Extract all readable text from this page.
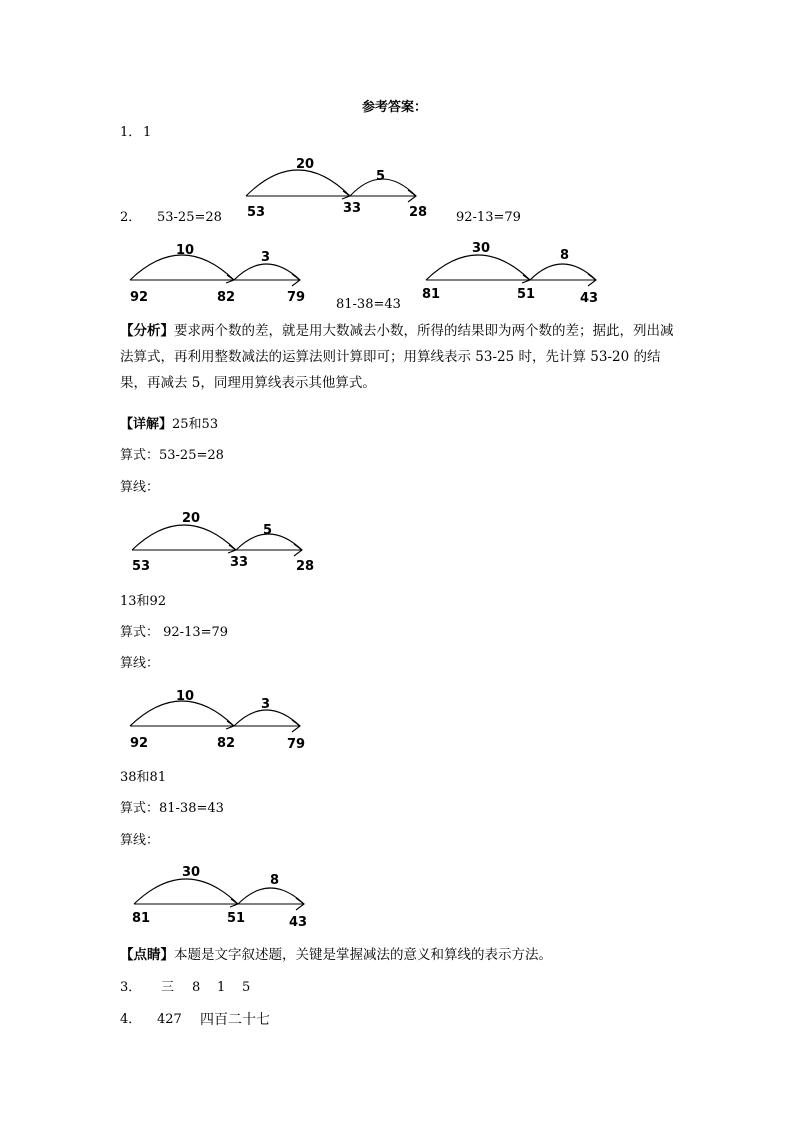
参考答案：
1． 1
2． 53-25=28	92-13=79
81-38=43
20
5
53	33	28
10	3
92	82	79
30	8
81	51	43
【分析】要求两个数的差，就是用大数减去小数，所得的结果即为两个数的差；据此，列出减法算式，再利用整数减法的运算法则计算即可；用算线表示 53-25 时，先计算 53-20 的结果，再减去 5，同理用算线表示其他算式。
【详解】25和53
算式：53-25=28
算线：
20
5
53	33	28
13和92
算式： 92-13=79
算线：
10
3
92	82	79
38和81
算式：81-38=43
算线：
30
8
81	51	43
【点睛】本题是文字叙述题，关键是掌握减法的意义和算线的表示方法。
3． 三 8 1 5
4． 427 四百二十七
